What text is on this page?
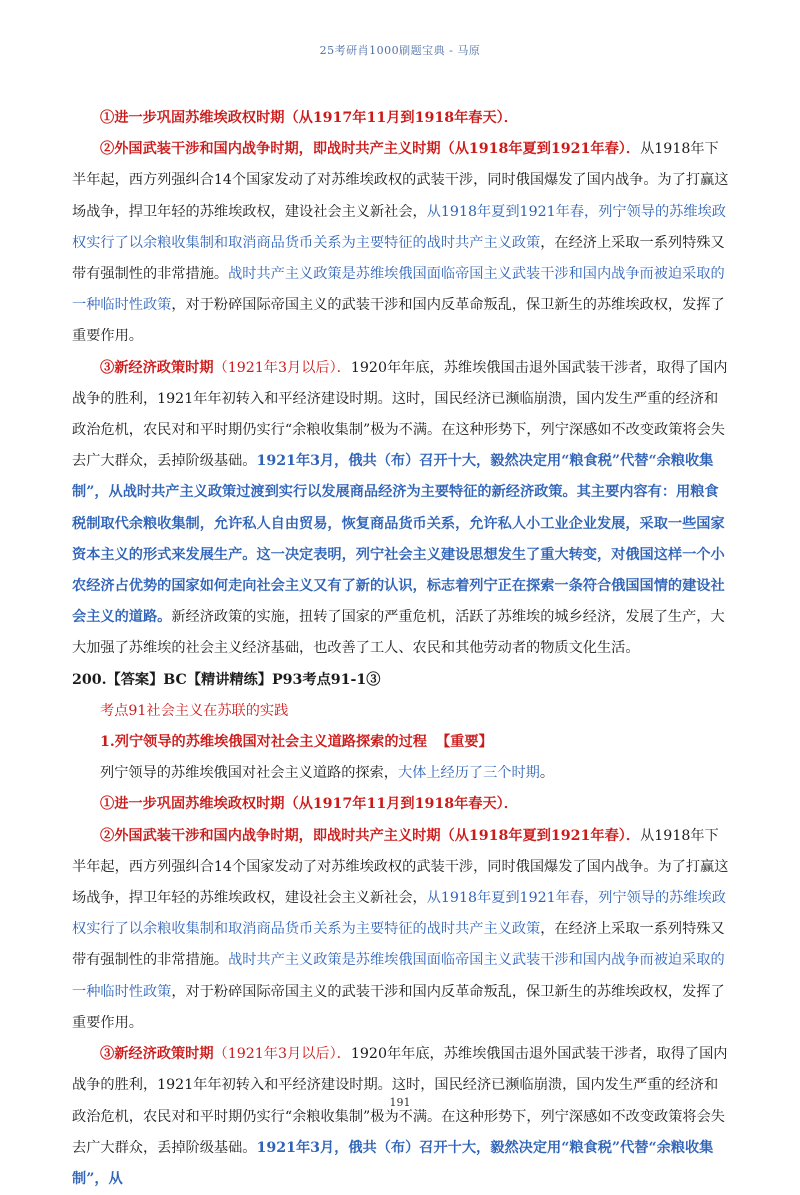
25考研肖1000刷题宝典 - 马原

①进一步巩固苏维埃政权时期（从1917年11月到1918年春天）．

②外国武装干涉和国内战争时期，即战时共产主义时期（从1918年夏到1921年春）．从1918年下半年起，西方列强纠合14个国家发动了对苏维埃政权的武装干涉，同时俄国爆发了国内战争。为了打赢这场战争，捍卫年轻的苏维埃政权，建设社会主义新社会，从1918年夏到1921年春，列宁领导的苏维埃政权实行了以余粮收集制和取消商品货币关系为主要特征的战时共产主义政策，在经济上采取一系列特殊又带有强制性的非常措施。战时共产主义政策是苏维埃俄国面临帝国主义武装干涉和国内战争而被迫采取的一种临时性政策，对于粉碎国际帝国主义的武装干涉和国内反革命叛乱，保卫新生的苏维埃政权，发挥了重要作用。

③新经济政策时期（1921年3月以后）．1920年年底，苏维埃俄国击退外国武装干涉者，取得了国内战争的胜利，1921年年初转入和平经济建设时期。这时，国民经济已濒临崩溃，国内发生严重的经济和政治危机，农民对和平时期仍实行“余粮收集制”极为不满。在这种形势下，列宁深感如不改变政策将会失去广大群众，丢掉阶级基础。1921年3月，俄共（布）召开十大，毅然决定用“粮食税”代替“余粮收集制”，从战时共产主义政策过渡到实行以发展商品经济为主要特征的新经济政策。其主要内容有：用粮食税制取代余粮收集制，允许私人自由贸易，恢复商品货币关系，允许私人小工业企业发展，采取一些国家资本主义的形式来发展生产。这一决定表明，列宁社会主义建设思想发生了重大转变，对俄国这样一个小农经济占优势的国家如何走向社会主义又有了新的认识，标志着列宁正在探索一条符合俄国国情的建设社会主义的道路。新经济政策的实施，扭转了国家的严重危机，活跃了苏维埃的城乡经济，发展了生产，大大加强了苏维埃的社会主义经济基础，也改善了工人、农民和其他劳动者的物质文化生活。

200.【答案】BC【精讲精练】P93考点91-1③

考点91社会主义在苏联的实践

1.列宁领导的苏维埃俄国对社会主义道路探索的过程 【重要】

列宁领导的苏维埃俄国对社会主义道路的探索，大体上经历了三个时期。

①进一步巩固苏维埃政权时期（从1917年11月到1918年春天）．

②外国武装干涉和国内战争时期，即战时共产主义时期（从1918年夏到1921年春）．从1918年下半年起，西方列强纠合14个国家发动了对苏维埃政权的武装干涉，同时俄国爆发了国内战争。为了打赢这场战争，捍卫年轻的苏维埃政权，建设社会主义新社会，从1918年夏到1921年春，列宁领导的苏维埃政权实行了以余粮收集制和取消商品货币关系为主要特征的战时共产主义政策，在经济上采取一系列特殊又带有强制性的非常措施。战时共产主义政策是苏维埃俄国面临帝国主义武装干涉和国内战争而被迫采取的一种临时性政策，对于粉碎国际帝国主义的武装干涉和国内反革命叛乱，保卫新生的苏维埃政权，发挥了重要作用。

③新经济政策时期（1921年3月以后）．1920年年底，苏维埃俄国击退外国武装干涉者，取得了国内战争的胜利，1921年年初转入和平经济建设时期。这时，国民经济已濒临崩溃，国内发生严重的经济和政治危机，农民对和平时期仍实行“余粮收集制”极为不满。在这种形势下，列宁深感如不改变政策将会失去广大群众，丢掉阶级基础。1921年3月，俄共（布）召开十大，毅然决定用“粮食税”代替“余粮收集制”，从

191
